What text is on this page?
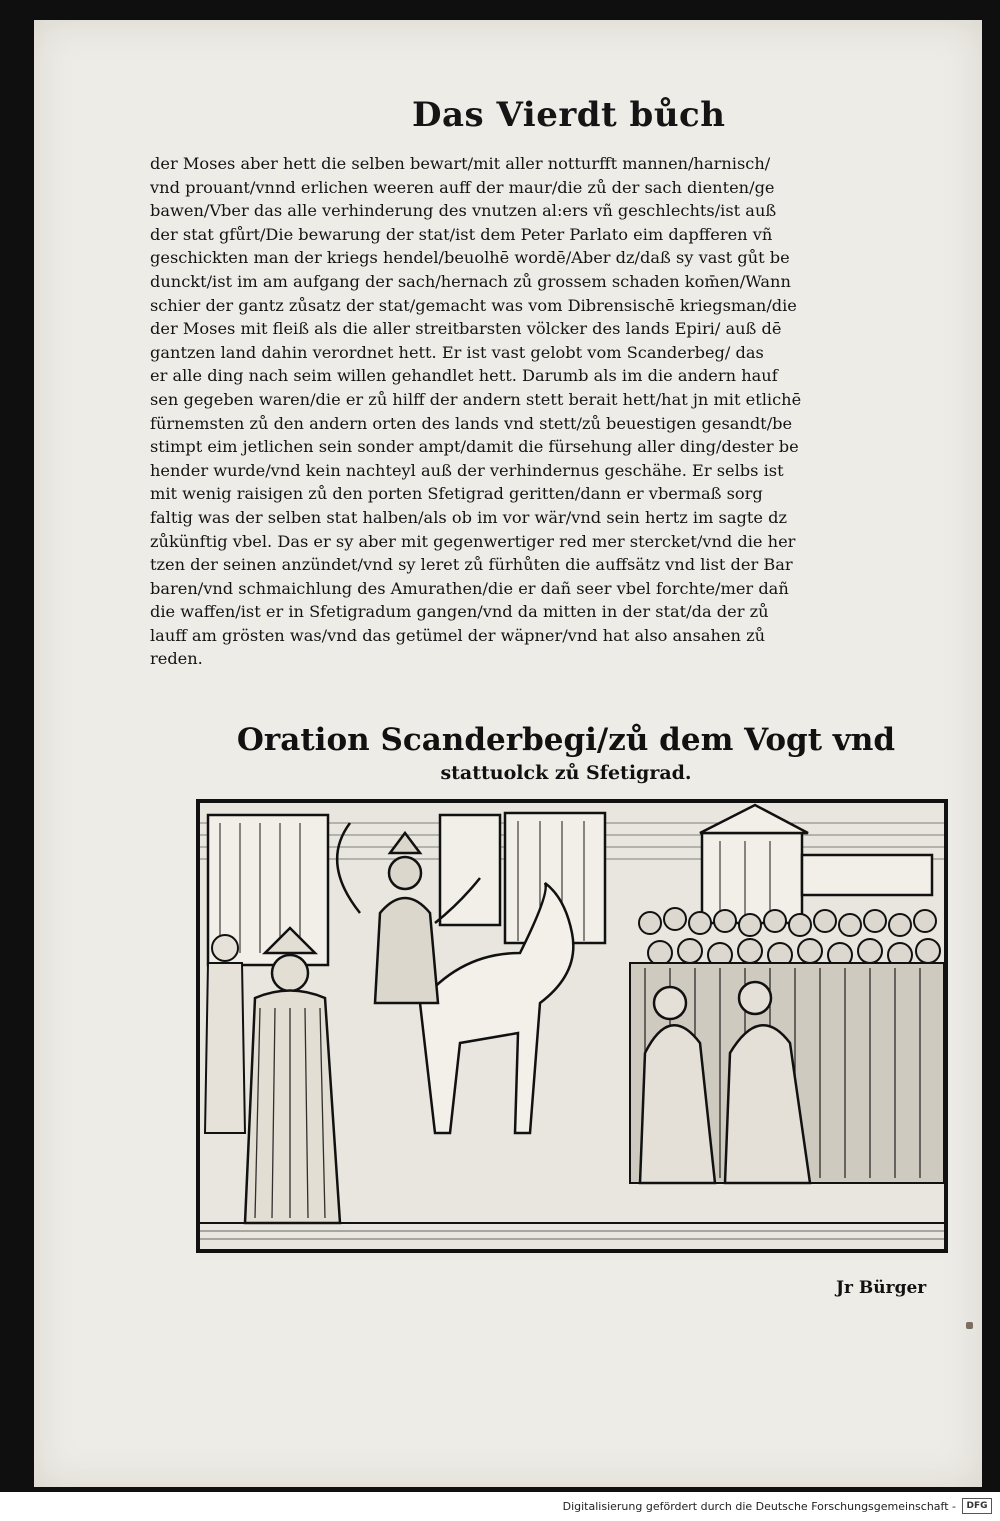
Das Vierdt bůch
der Moses aber hett die selben bewart/mit aller notturfft mannen/harnisch/
vnd prouant/vnnd erlichen weeren auff der maur/die zů der sach dienten/ge
bawen/Vber das alle verhinderung des vnutzen al:ers vñ geschlechts/ist auß
der stat gfůrt/Die bewarung der stat/ist dem Peter Parlato eim dapfferen vñ
geschickten man der kriegs hendel/beuolhē wordē/Aber dz/daß sy vast gůt be
dunckt/ist im am aufgang der sach/hernach zů grossem schaden kom̄en/Wann
schier der gantz zůsatz der stat/gemacht was vom Dibrensischē kriegsman/die
der Moses mit fleiß als die aller streitbarsten völcker des lands Epiri/ auß dē
gantzen land dahin verordnet hett. Er ist vast gelobt vom Scanderbeg/ das
er alle ding nach seim willen gehandlet hett. Darumb als im die andern hauf
sen gegeben waren/die er zů hilff der andern stett berait hett/hat jn mit etlichē
fürnemsten zů den andern orten des lands vnd stett/zů beuestigen gesandt/be
stimpt eim jetlichen sein sonder ampt/damit die fürsehung aller ding/dester be
hender wurde/vnd kein nachteyl auß der verhindernus geschähe. Er selbs ist
mit wenig raisigen zů den porten Sfetigrad geritten/dann er vbermaß sorg
faltig was der selben stat halben/als ob im vor wär/vnd sein hertz im sagte dz
zůkünftig vbel. Das er sy aber mit gegenwertiger red mer stercket/vnd die her
tzen der seinen anzündet/vnd sy leret zů fürhůten die auffsätz vnd list der Bar
baren/vnd schmaichlung des Amurathen/die er dañ seer vbel forchte/mer dañ
die waffen/ist er in Sfetigradum gangen/vnd da mitten in der stat/da der zů
lauff am grösten was/vnd das getümel der wäpner/vnd hat also ansahen zů
reden.
Oration Scanderbegi/zů dem Vogt vnd
stattuolck zů Sfetigrad.
Jr Bürger
Digitalisierung gefördert durch die Deutsche Forschungsgemeinschaft -	DFG
